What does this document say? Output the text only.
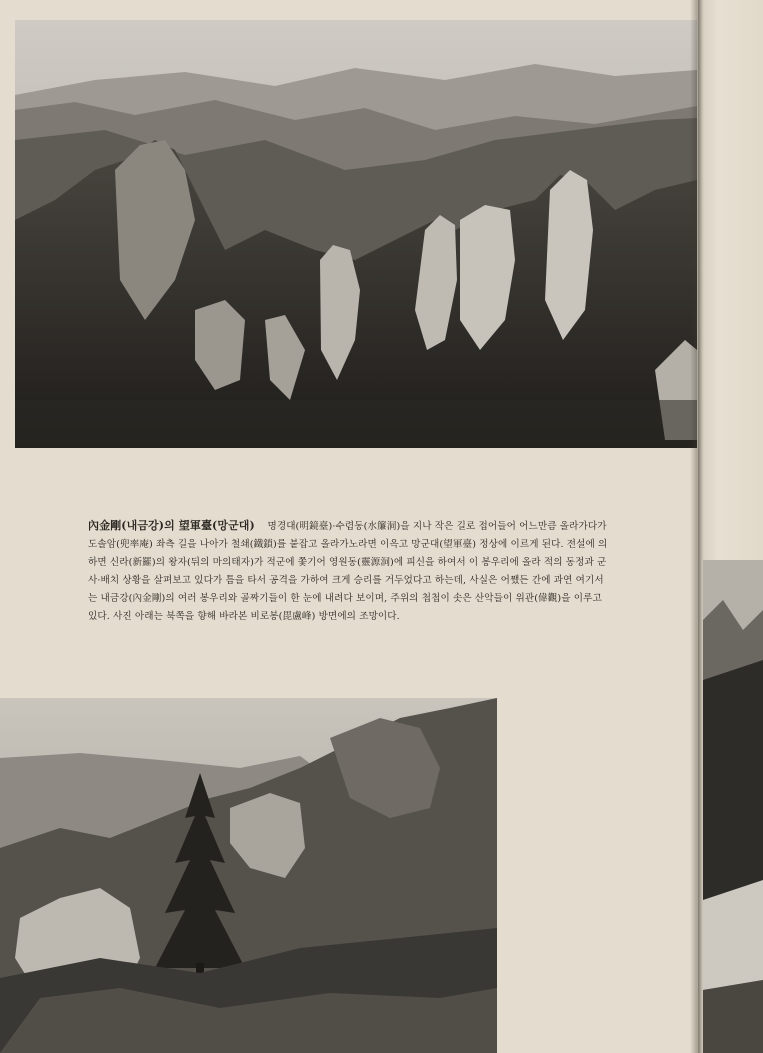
內金剛(내금강)의 望軍臺(망군대) 명경대(明鏡臺)·수렴동(水簾洞)을 지나 작은 길로 접어들어 어느만큼 올라가다가 도솔암(兜率庵) 좌측 길을 나아가 철쇄(鐵鎖)를 붙잡고 올라가노라면 이윽고 망군대(望軍臺) 정상에 이르게 된다. 전설에 의하면 신라(新羅)의 왕자(뒤의 마의태자)가 적군에 쫓기어 영원동(靈源洞)에 피신을 하여서 이 봉우리에 올라 적의 동정과 군사·배치 상황을 살펴보고 있다가 틈을 타서 공격을 가하여 크게 승리를 거두었다고 하는데, 사실은 어쨌든 간에 과연 여기서는 내금강(內金剛)의 여러 봉우리와 골짜기들이 한 눈에 내려다 보이며, 주위의 첩첩이 솟은 산악들이 위관(偉觀)을 이루고 있다. 사진 아래는 북쪽을 향해 바라본 비로봉(毘盧峰) 방면에의 조망이다.
